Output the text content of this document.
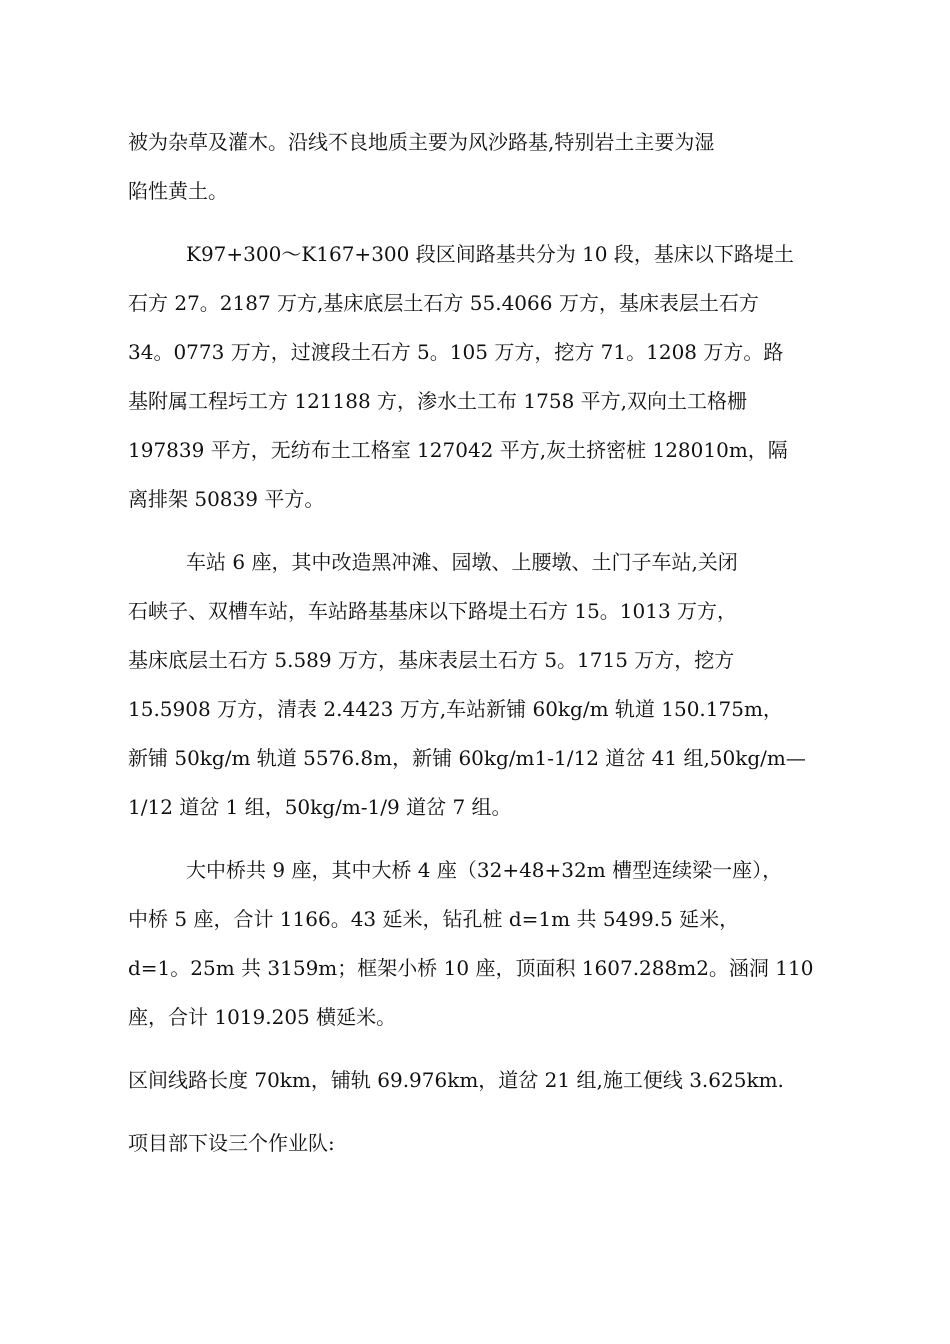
被为杂草及灌木。沿线不良地质主要为风沙路基,特别岩土主要为湿
陷性黄土。

K97+300～K167+300 段区间路基共分为 10 段，基床以下路堤土
石方 27。2187 万方,基床底层土石方 55.4066 万方，基床表层土石方
34。0773 万方，过渡段土石方 5。105 万方，挖方 71。1208 万方。路
基附属工程圬工方 121188 方，渗水土工布 1758 平方,双向土工格栅
197839 平方，无纺布土工格室 127042 平方,灰土挤密桩 128010m，隔
离排架 50839 平方。

车站 6 座，其中改造黑冲滩、园墩、上腰墩、土门子车站,关闭
石峡子、双槽车站，车站路基基床以下路堤土石方 15。1013 万方，
基床底层土石方 5.589 万方，基床表层土石方 5。1715 万方，挖方
15.5908 万方，清表 2.4423 万方,车站新铺 60kg/m 轨道 150.175m，
新铺 50kg/m 轨道 5576.8m，新铺 60kg/m1-1/12 道岔 41 组,50kg/m—
1/12 道岔 1 组，50kg/m-1/9 道岔 7 组。

大中桥共 9 座，其中大桥 4 座（32+48+32m 槽型连续梁一座），
中桥 5 座，合计 1166。43 延米，钻孔桩 d=1m 共 5499.5 延米，
d=1。25m 共 3159m；框架小桥 10 座，顶面积 1607.288m2。涵洞 110
座，合计 1019.205 横延米。

区间线路长度 70km，铺轨 69.976km，道岔 21 组,施工便线 3.625km.

项目部下设三个作业队:
